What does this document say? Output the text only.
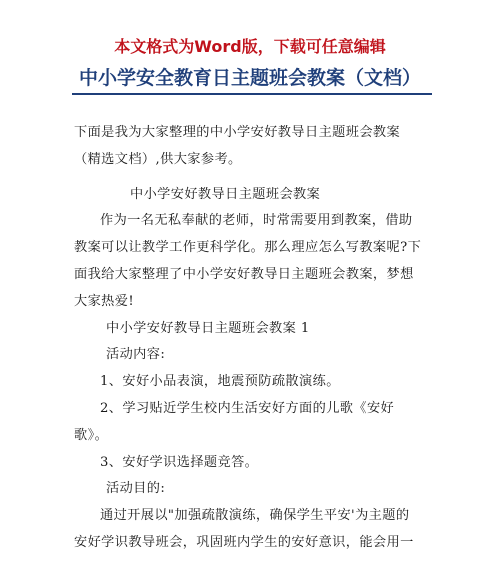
本文格式为Word版，下载可任意编辑
中小学安全教育日主题班会教案（文档）
下面是我为大家整理的中小学安好教导日主题班会教案
（精选文档）,供大家参考。
中小学安好教导日主题班会教案
作为一名无私奉献的老师，时常需要用到教案，借助
教案可以让教学工作更科学化。那么理应怎么写教案呢?下
面我给大家整理了中小学安好教导日主题班会教案，梦想
大家热爱!
中小学安好教导日主题班会教案 1
活动内容:
1、安好小品表演，地震预防疏散演练。
2、学习贴近学生校内生活安好方面的儿歌《安好
歌》。
3、安好学识选择题竞答。
活动目的:
通过开展以"加强疏散演练，确保学生平安'为主题的
安好学识教导班会，巩固班内学生的安好意识，能会用一
